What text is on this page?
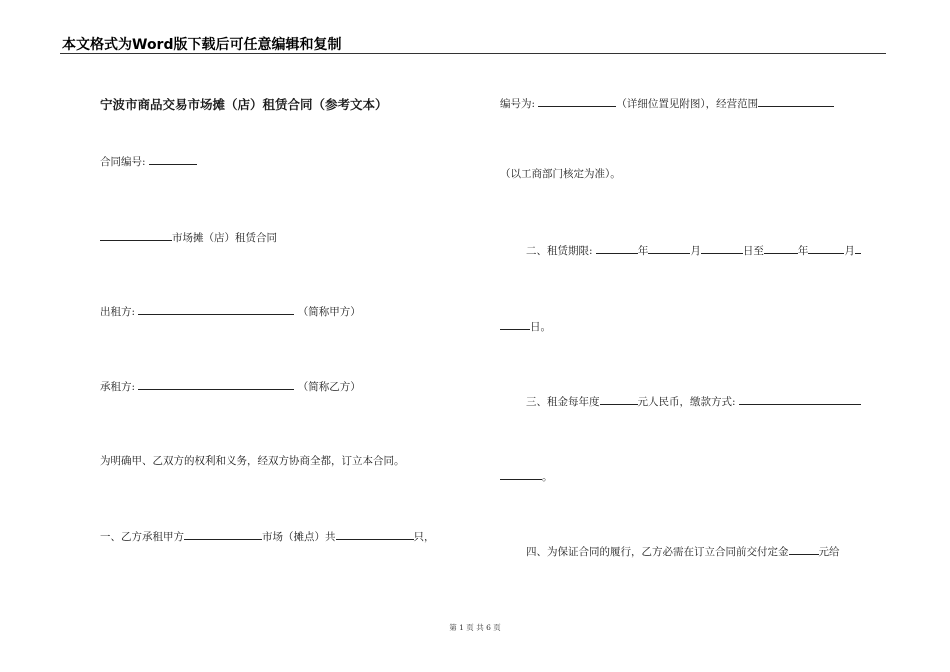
本文格式为Word版下载后可任意编辑和复制
宁波市商品交易市场摊（店）租赁合同（参考文本）
合同编号:
市场摊（店）租赁合同
出租方:	（简称甲方）
承租方:	（简称乙方）
为明确甲、乙双方的权利和义务，经双方协商全都，订立本合同。
一、乙方承租甲方	市场（摊点）共	只，
编号为:	（详细位置见附图），经营范围
（以工商部门核定为准）。
二、租赁期限:	年	月	日至	年	月
日。
三、租金每年度	元人民币，缴款方式:
。
四、为保证合同的履行，乙方必需在订立合同前交付定金	元给
第 1 页 共 6 页
